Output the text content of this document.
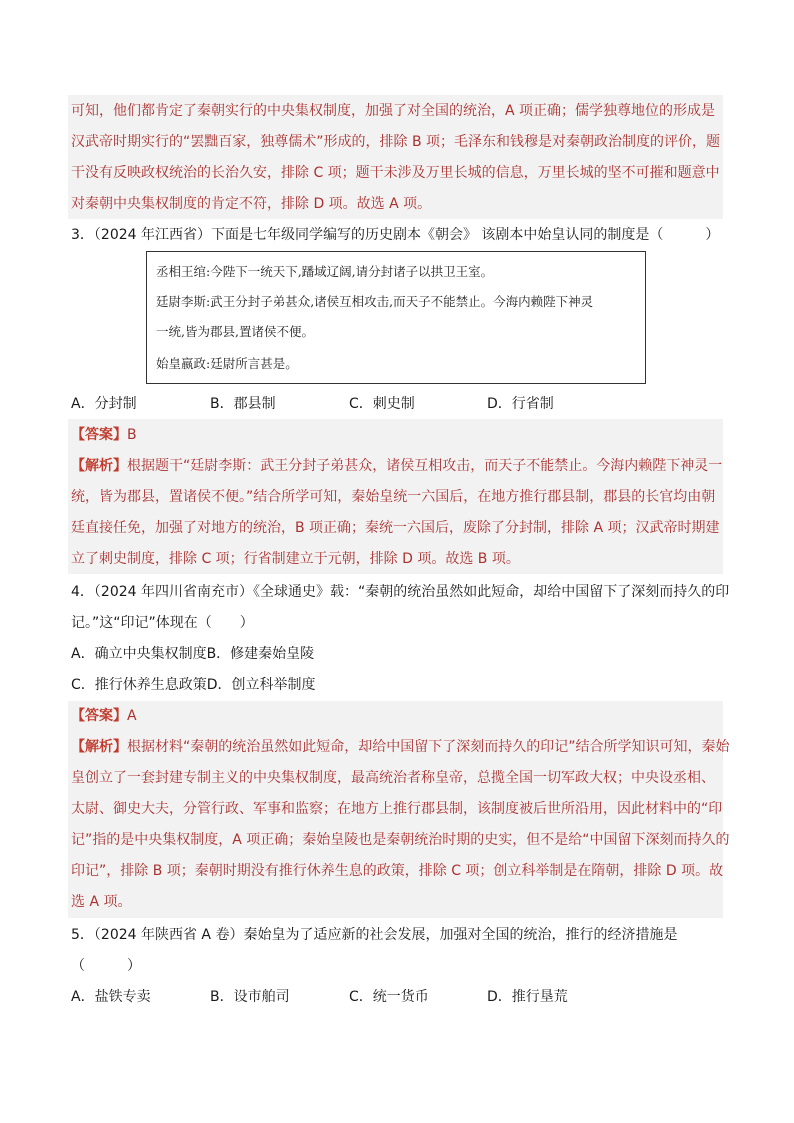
可知，他们都肯定了秦朝实行的中央集权制度，加强了对全国的统治，A 项正确；儒学独尊地位的形成是
汉武帝时期实行的“罢黜百家，独尊儒术”形成的，排除 B 项；毛泽东和钱穆是对秦朝政治制度的评价，题
干没有反映政权统治的长治久安，排除 C 项；题干未涉及万里长城的信息，万里长城的坚不可摧和题意中
对秦朝中央集权制度的肯定不符，排除 D 项。故选 A 项。
3．（2024 年江西省）下面是七年级同学编写的历史剧本《朝会》 该剧本中始皇认同的制度是（　　　）
丞相王绾:今陛下一统天下,蹯域辽阔,请分封诸子以拱卫王室。
廷尉李斯:武王分封子弟甚众,诸侯互相攻击,而天子不能禁止。今海内赖陛下神灵
一统,皆为郡县,置诸侯不便。
始皇嬴政:廷尉所言甚是。
A．分封制	B．郡县制	C．刺史制	D．行省制
【答案】B
【解析】根据题干“廷尉李斯：武王分封子弟甚众，诸侯互相攻击，而天子不能禁止。今海内赖陛下神灵一
统，皆为郡县，置诸侯不便。”结合所学可知，秦始皇统一六国后，在地方推行郡县制，郡县的长官均由朝
廷直接任免，加强了对地方的统治，B 项正确；秦统一六国后，废除了分封制，排除 A 项；汉武帝时期建
立了刺史制度，排除 C 项；行省制建立于元朝，排除 D 项。故选 B 项。
4．（2024 年四川省南充市）《全球通史》载：“秦朝的统治虽然如此短命，却给中国留下了深刻而持久的印
记。”这“印记”体现在（　　）
A．确立中央集权制度B．修建秦始皇陵
C．推行休养生息政策D．创立科举制度
【答案】A
【解析】根据材料“秦朝的统治虽然如此短命，却给中国留下了深刻而持久的印记”结合所学知识可知，秦始
皇创立了一套封建专制主义的中央集权制度，最高统治者称皇帝，总揽全国一切军政大权；中央设丞相、
太尉、御史大夫，分管行政、军事和监察；在地方上推行郡县制，该制度被后世所沿用，因此材料中的“印
记”指的是中央集权制度，A 项正确；秦始皇陵也是秦朝统治时期的史实，但不是给“中国留下深刻而持久的
印记”，排除 B 项；秦朝时期没有推行休养生息的政策，排除 C 项；创立科举制是在隋朝，排除 D 项。故
选 A 项。
5．（2024 年陕西省 A 卷）秦始皇为了适应新的社会发展，加强对全国的统治，推行的经济措施是
（　　　）
A．盐铁专卖	B．设市舶司	C．统一货币	D．推行垦荒
